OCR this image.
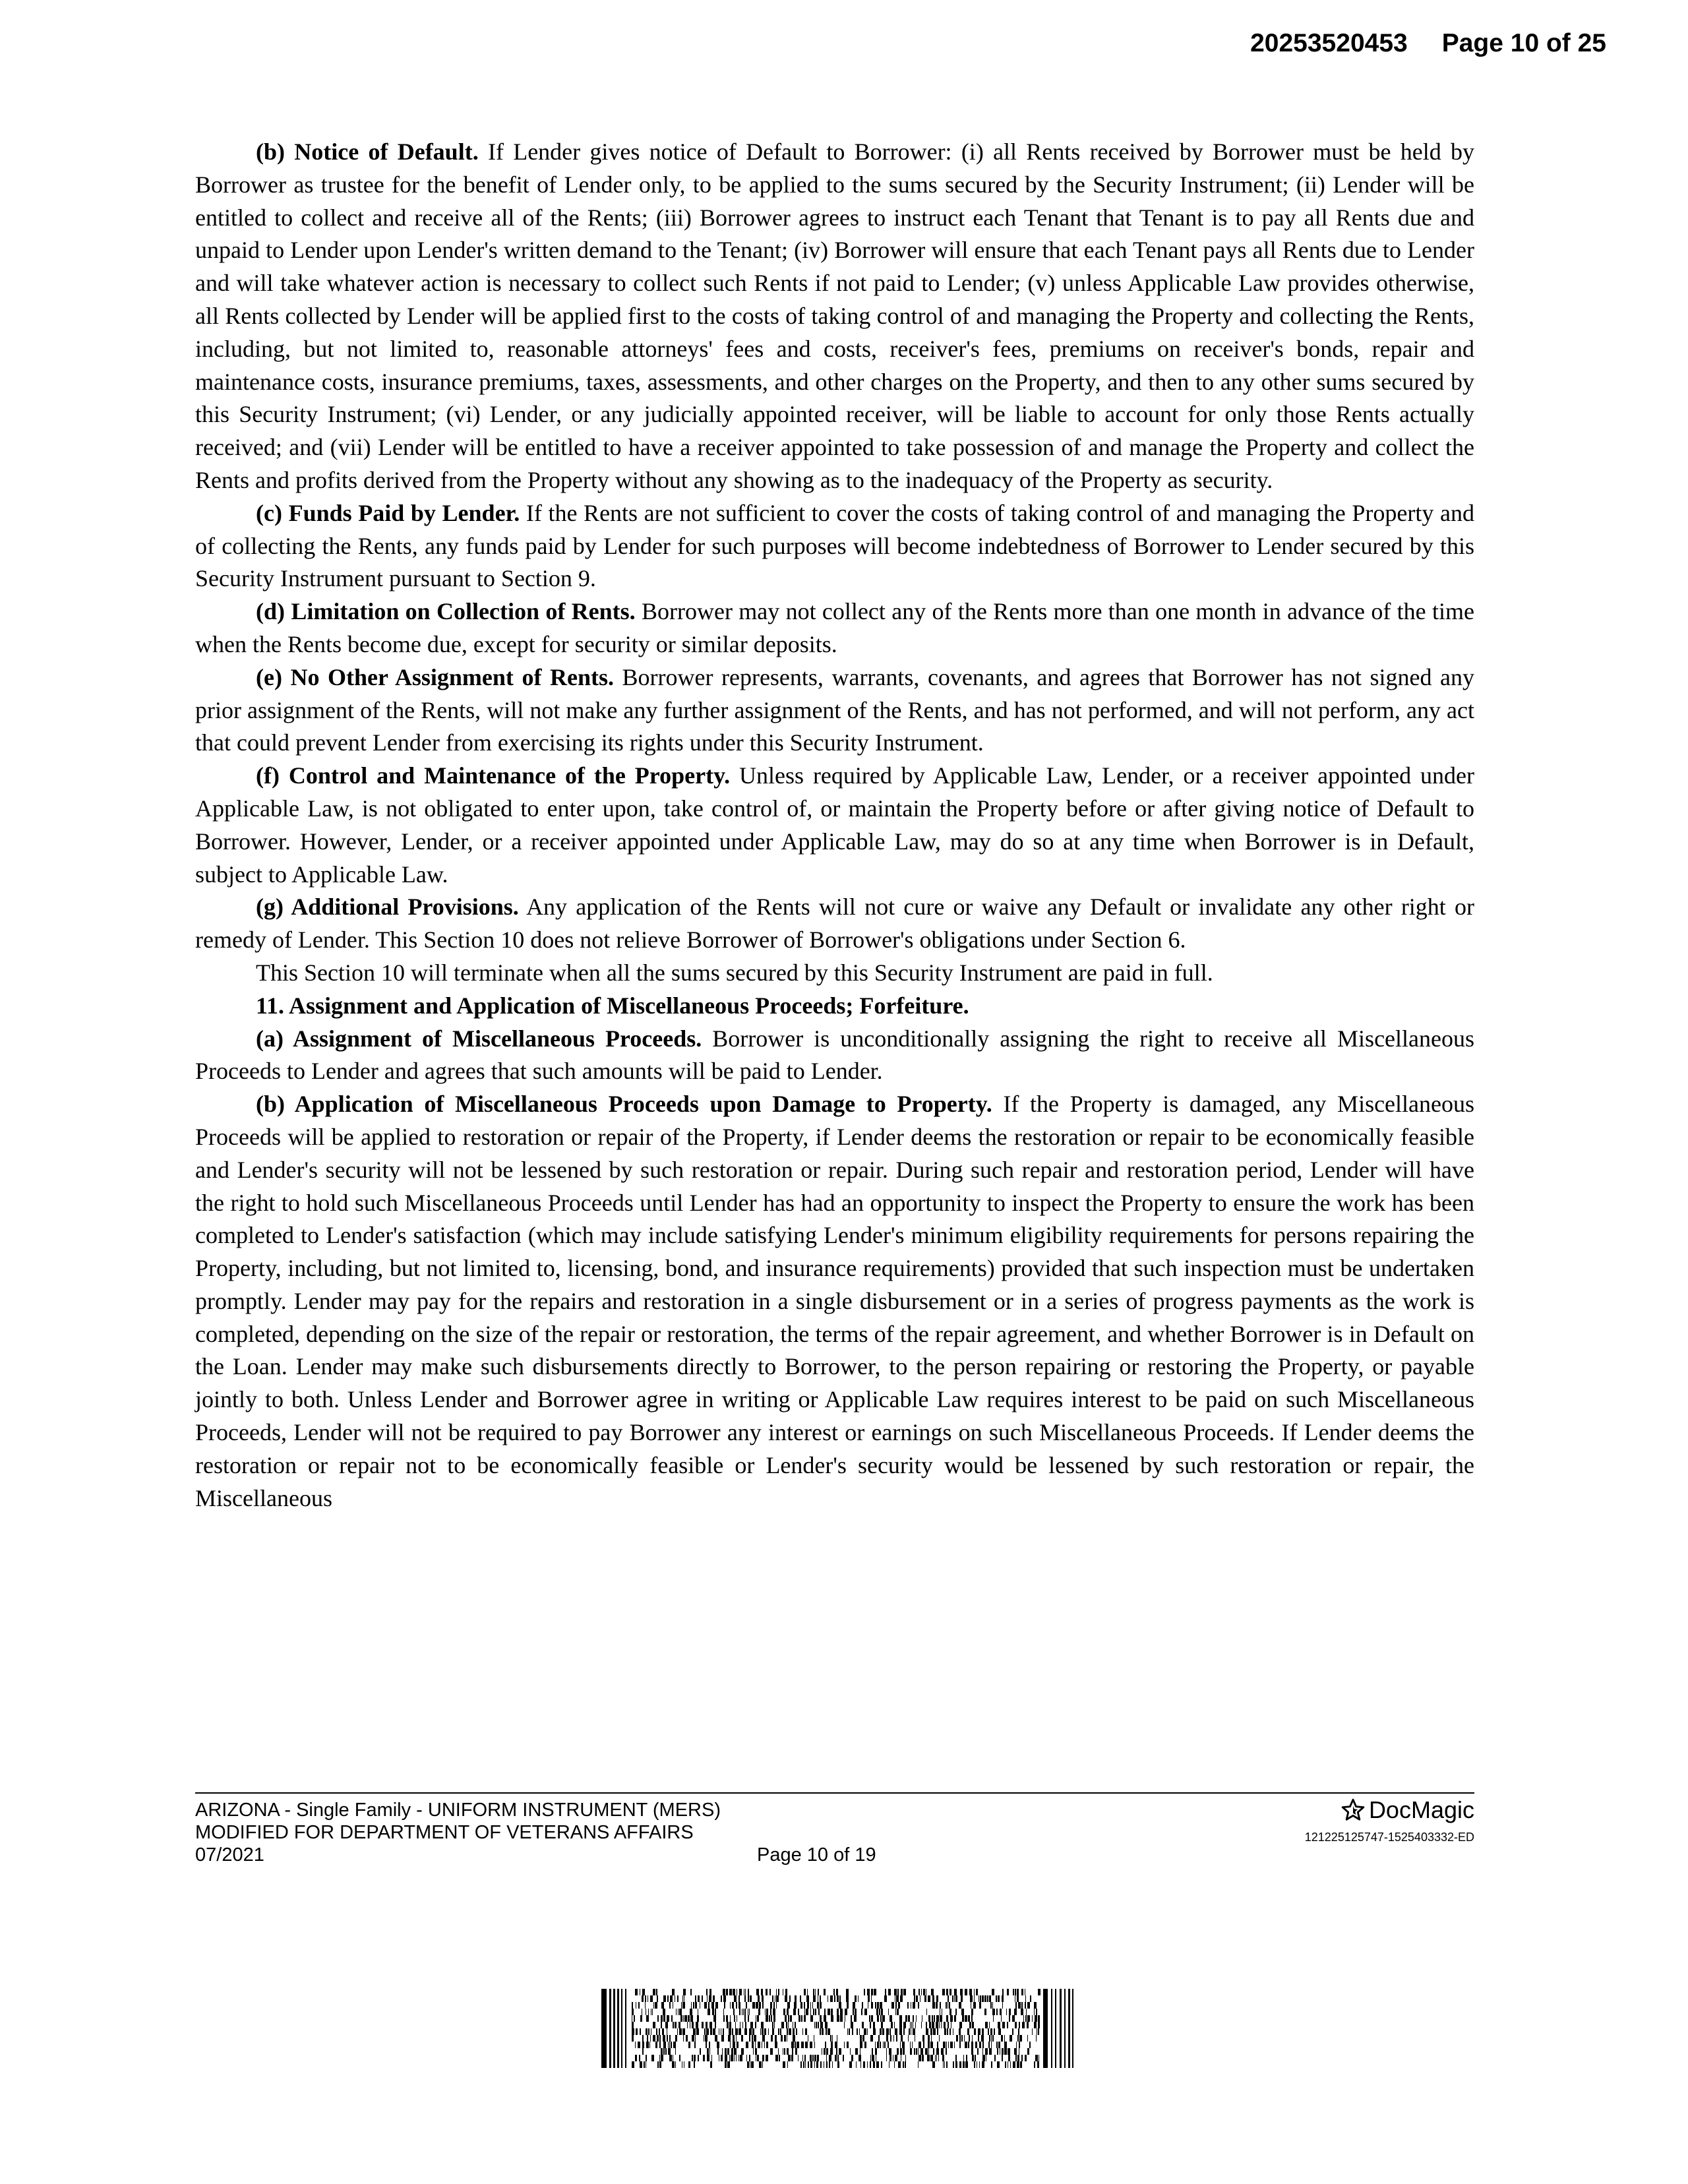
20253520453 Page 10 of 25

(b) Notice of Default. If Lender gives notice of Default to Borrower: (i) all Rents received by Borrower must be held by Borrower as trustee for the benefit of Lender only, to be applied to the sums secured by the Security Instrument; (ii) Lender will be entitled to collect and receive all of the Rents; (iii) Borrower agrees to instruct each Tenant that Tenant is to pay all Rents due and unpaid to Lender upon Lender's written demand to the Tenant; (iv) Borrower will ensure that each Tenant pays all Rents due to Lender and will take whatever action is necessary to collect such Rents if not paid to Lender; (v) unless Applicable Law provides otherwise, all Rents collected by Lender will be applied first to the costs of taking control of and managing the Property and collecting the Rents, including, but not limited to, reasonable attorneys' fees and costs, receiver's fees, premiums on receiver's bonds, repair and maintenance costs, insurance premiums, taxes, assessments, and other charges on the Property, and then to any other sums secured by this Security Instrument; (vi) Lender, or any judicially appointed receiver, will be liable to account for only those Rents actually received; and (vii) Lender will be entitled to have a receiver appointed to take possession of and manage the Property and collect the Rents and profits derived from the Property without any showing as to the inadequacy of the Property as security.

(c) Funds Paid by Lender. If the Rents are not sufficient to cover the costs of taking control of and managing the Property and of collecting the Rents, any funds paid by Lender for such purposes will become indebtedness of Borrower to Lender secured by this Security Instrument pursuant to Section 9.

(d) Limitation on Collection of Rents. Borrower may not collect any of the Rents more than one month in advance of the time when the Rents become due, except for security or similar deposits.

(e) No Other Assignment of Rents. Borrower represents, warrants, covenants, and agrees that Borrower has not signed any prior assignment of the Rents, will not make any further assignment of the Rents, and has not performed, and will not perform, any act that could prevent Lender from exercising its rights under this Security Instrument.

(f) Control and Maintenance of the Property. Unless required by Applicable Law, Lender, or a receiver appointed under Applicable Law, is not obligated to enter upon, take control of, or maintain the Property before or after giving notice of Default to Borrower. However, Lender, or a receiver appointed under Applicable Law, may do so at any time when Borrower is in Default, subject to Applicable Law.

(g) Additional Provisions. Any application of the Rents will not cure or waive any Default or invalidate any other right or remedy of Lender. This Section 10 does not relieve Borrower of Borrower's obligations under Section 6.

This Section 10 will terminate when all the sums secured by this Security Instrument are paid in full.

11. Assignment and Application of Miscellaneous Proceeds; Forfeiture.

(a) Assignment of Miscellaneous Proceeds. Borrower is unconditionally assigning the right to receive all Miscellaneous Proceeds to Lender and agrees that such amounts will be paid to Lender.

(b) Application of Miscellaneous Proceeds upon Damage to Property. If the Property is damaged, any Miscellaneous Proceeds will be applied to restoration or repair of the Property, if Lender deems the restoration or repair to be economically feasible and Lender's security will not be lessened by such restoration or repair. During such repair and restoration period, Lender will have the right to hold such Miscellaneous Proceeds until Lender has had an opportunity to inspect the Property to ensure the work has been completed to Lender's satisfaction (which may include satisfying Lender's minimum eligibility requirements for persons repairing the Property, including, but not limited to, licensing, bond, and insurance requirements) provided that such inspection must be undertaken promptly. Lender may pay for the repairs and restoration in a single disbursement or in a series of progress payments as the work is completed, depending on the size of the repair or restoration, the terms of the repair agreement, and whether Borrower is in Default on the Loan. Lender may make such disbursements directly to Borrower, to the person repairing or restoring the Property, or payable jointly to both. Unless Lender and Borrower agree in writing or Applicable Law requires interest to be paid on such Miscellaneous Proceeds, Lender will not be required to pay Borrower any interest or earnings on such Miscellaneous Proceeds. If Lender deems the restoration or repair not to be economically feasible or Lender's security would be lessened by such restoration or repair, the Miscellaneous

ARIZONA - Single Family - UNIFORM INSTRUMENT (MERS)
MODIFIED FOR DEPARTMENT OF VETERANS AFFAIRS
07/2021	Page 10 of 19
DocMagic
121225125747-1525403332-ED
